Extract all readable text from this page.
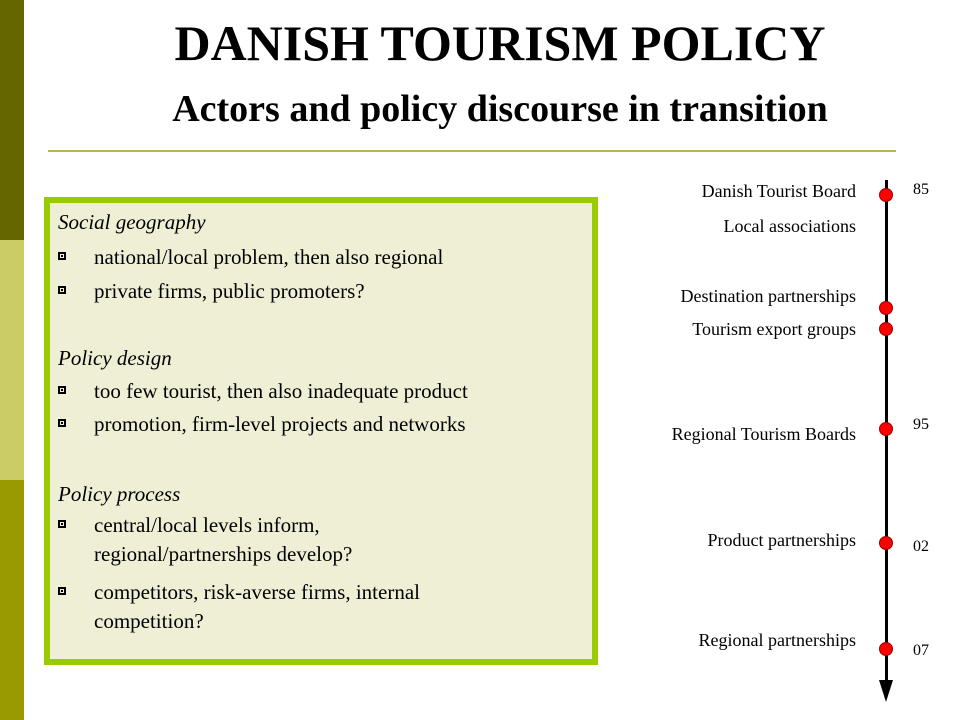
DANISH TOURISM POLICY
Actors and policy discourse in transition
Social geography
national/local problem, then also regional
private firms, public promoters?
Policy design
too few tourist, then also inadequate product
promotion, firm-level projects and networks
Policy process
central/local levels inform, regional/partnerships develop?
competitors, risk-averse firms, internal competition?
Danish Tourist Board
Local associations
Destination partnerships
Tourism export groups
Regional Tourism Boards
Product partnerships
Regional partnerships
85
95
02
07
